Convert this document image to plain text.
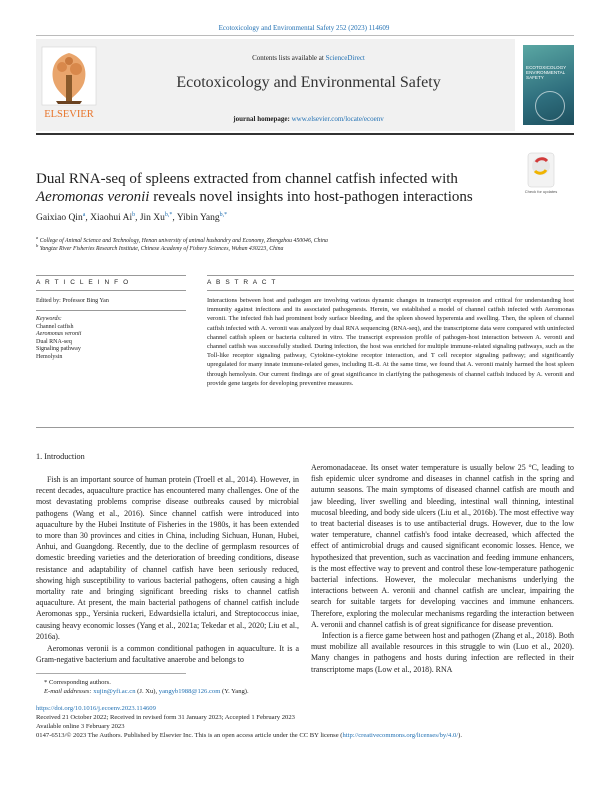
Ecotoxicology and Environmental Safety 252 (2023) 114609
ELSEVIER
Contents lists available at ScienceDirect
Ecotoxicology and Environmental Safety
journal homepage: www.elsevier.com/locate/ecoenv
ECOTOXICOLOGY ENVIRONMENTAL SAFETY
Dual RNA-seq of spleens extracted from channel catfish infected with
Aeromonas veronii reveals novel insights into host-pathogen interactions	Check for updates
Gaixiao Qin$^a$, Xiaohui Ai$^b$, Jin $Xu^{b,*}$, Yibin Yang$^{b,*}$
$^a$ College of Animal Science and Technology, Henan university of animal husbandry and Economy, Zhengzhou 450046, China
$^b$ Yangtze River Fisheries Research Institute, Chinese Academy of Fishery Sciences, Wuhan 430223, China
A R T I C L E I N F O
Edited by: Professor Bing Yan
Keywords:
Channel catfish
Aeromonas veronii
Dual RNA-seq
Signaling pathway
Hemolysin
A B S T R A C T
Interactions between host and pathogen are involving various dynamic changes in transcript expression and critical for understanding host immunity against infections and its associated pathogenesis. Herein, we established a model of channel catfish infected with Aeromonas veronii. The infected fish had prominent body surface bleeding, and the spleen showed hyperemia and swelling. Then, the spleen of channel catfish infected with A. veronii was analyzed by dual RNA sequencing (RNA-seq), and the transcriptome data were compared with uninfected channel catfish spleen or bacteria cultured in vitro. The transcript expression profile of pathogen-host interaction between A. veronii and channel catfish was successfully studied. During infection, the host was enriched for multiple immune-related signaling pathways, such as the Toll-like receptor signaling pathway, Cytokine-cytokine receptor interaction, and T cell receptor signaling pathway; and significantly upregulated for many innate immune-related genes, including IL-8. At the same time, we found that A. veronii mainly harmed the host spleen through hemolysin. Our current findings are of great significance in clarifying the pathogenesis of channel catfish induced by A. veronii and provide gene targets for developing preventive measures.
1. Introduction

Fish is an important source of human protein (Troell et al., 2014). However, in recent decades, aquaculture practice has encountered many challenges. One of the most devastating problems comprise disease outbreaks caused by microbial pathogens (Wang et al., 2016). Since channel catfish were introduced into aquaculture by the Hubei Institute of Fisheries in the 1980s, it has been extended to more than 30 provinces and cities in China, including Sichuan, Hunan, Hubei, Anhui, and Guangdong. Recently, due to the decline of germplasm resources of domestic breeding varieties and the deterioration of breeding conditions, disease resistance and adaptability of channel catfish have been seriously reduced, showing high susceptibility to various bacterial pathogens, often causing a high mortality rate and bringing significant breeding risks to channel catfish aquaculture. At present, the main bacterial pathogens of channel catfish include Aeromonas spp., Yersinia ruckeri, Edwardsiella ictaluri, and Streptococcus iniae, causing heavy economic losses (Yang et al., 2021a; Tekedar et al., 2020; Liu et al., 2016a).

Aeromonas veronii is a common conditional pathogen in aquaculture. It is a Gram-negative bacterium and facultative anaerobe and belongs to

Aeromonadaceae. Its onset water temperature is usually below 25 °C, leading to fish epidemic ulcer syndrome and diseases in channel catfish in the spring and autumn seasons. The main symptoms of diseased channel catfish are mouth and jaw bleeding, liver swelling and bleeding, intestinal wall thinning, intestinal mucosal bleeding, and body side ulcers (Liu et al., 2016b). The most effective way to treat bacterial diseases is to use antibacterial drugs. However, due to the low water temperature, channel catfish's food intake decreased, which affected the effect of antimicrobial drugs and caused significant economic losses. Hence, we hypothesized that prevention, such as vaccination and feeding immune enhancers, is the most effective way to prevent and control these low-temperature pathogenic bacterial infections. However, the molecular mechanisms underlying the interactions between A. veronii and channel catfish are unclear, impairing the search for suitable targets for developing vaccines and immune enhancers. Therefore, exploring the molecular mechanisms regarding the interaction between A. veronii and channel catfish is of great significance for disease prevention.

Infection is a fierce game between host and pathogen (Zhang et al., 2018). Both must mobilize all available resources in this struggle to win (Luo et al., 2020). Many changes in pathogens and hosts during infection are reflected in their transcriptome maps (Low et al., 2018). RNA

* Corresponding authors.
E-mail addresses: xujin@yfi.ac.cn (J. Xu), yangyb1988@126.com (Y. Yang).
https://doi.org/10.1016/j.ecoenv.2023.114609
Received 21 October 2022; Received in revised form 31 January 2023; Accepted 1 February 2023
Available online 3 February 2023
0147-6513/© 2023 The Authors. Published by Elsevier Inc. This is an open access article under the CC BY license (http://creativecommons.org/licenses/by/4.0/).
